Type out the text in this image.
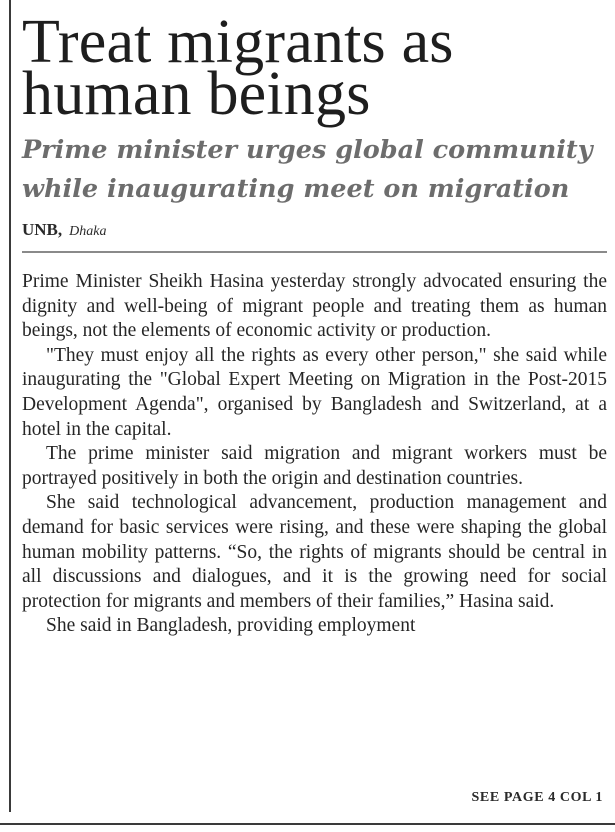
Treat migrants as
human beings
Prime minister urges global community
while inaugurating meet on migration
UNB, Dhaka

Prime Minister Sheikh Hasina yesterday strongly advocated ensuring the dignity and well-being of migrant people and treating them as human beings, not the elements of economic activity or production.

"They must enjoy all the rights as every other person," she said while inaugurating the "Global Expert Meeting on Migration in the Post-2015 Development Agenda", organised by Bangladesh and Switzerland, at a hotel in the capital.

The prime minister said migration and migrant workers must be portrayed positively in both the origin and destination countries.

She said technological advancement, production management and demand for basic services were rising, and these were shaping the global human mobility patterns. “So, the rights of migrants should be central in all discussions and dialogues, and it is the growing need for social protection for migrants and members of their families,” Hasina said.

She said in Bangladesh, providing employment

SEE PAGE 4 COL 1
